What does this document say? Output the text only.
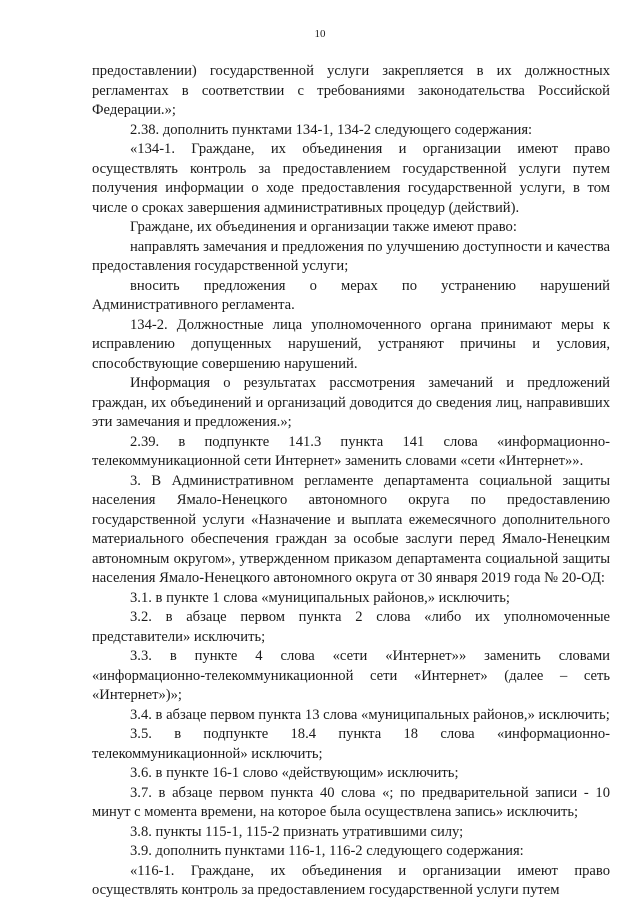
10

предоставлении) государственной услуги закрепляется в их должностных регламентах в соответствии с требованиями законодательства Российской Федерации.»;

2.38. дополнить пунктами 134-1, 134-2 следующего содержания:

«134-1. Граждане, их объединения и организации имеют право осуществлять контроль за предоставлением государственной услуги путем получения информации о ходе предоставления государственной услуги, в том числе о сроках завершения административных процедур (действий).

Граждане, их объединения и организации также имеют право:

направлять замечания и предложения по улучшению доступности и качества предоставления государственной услуги;

вносить предложения о мерах по устранению нарушений Административного регламента.

134-2. Должностные лица уполномоченного органа принимают меры к исправлению допущенных нарушений, устраняют причины и условия, способствующие совершению нарушений.

Информация о результатах рассмотрения замечаний и предложений граждан, их объединений и организаций доводится до сведения лиц, направивших эти замечания и предложения.»;

2.39. в подпункте 141.3 пункта 141 слова «информационно-телекоммуникационной сети Интернет» заменить словами «сети «Интернет»».

3. В Административном регламенте департамента социальной защиты населения Ямало-Ненецкого автономного округа по предоставлению государственной услуги «Назначение и выплата ежемесячного дополнительного материального обеспечения граждан за особые заслуги перед Ямало-Ненецким автономным округом», утвержденном приказом департамента социальной защиты населения Ямало-Ненецкого автономного округа от 30 января 2019 года № 20-ОД:

3.1. в пункте 1 слова «муниципальных районов,» исключить;

3.2. в абзаце первом пункта 2 слова «либо их уполномоченные представители» исключить;

3.3. в пункте 4 слова «сети «Интернет»» заменить словами «информационно-телекоммуникационной сети «Интернет» (далее – сеть «Интернет»)»;

3.4. в абзаце первом пункта 13 слова «муниципальных районов,» исключить;

3.5. в подпункте 18.4 пункта 18 слова «информационно-телекоммуникационной» исключить;

3.6. в пункте 16-1 слово «действующим» исключить;

3.7. в абзаце первом пункта 40 слова «; по предварительной записи - 10 минут с момента времени, на которое была осуществлена запись» исключить;

3.8. пункты 115-1, 115-2 признать утратившими силу;

3.9. дополнить пунктами 116-1, 116-2 следующего содержания:

«116-1. Граждане, их объединения и организации имеют право осуществлять контроль за предоставлением государственной услуги путем
